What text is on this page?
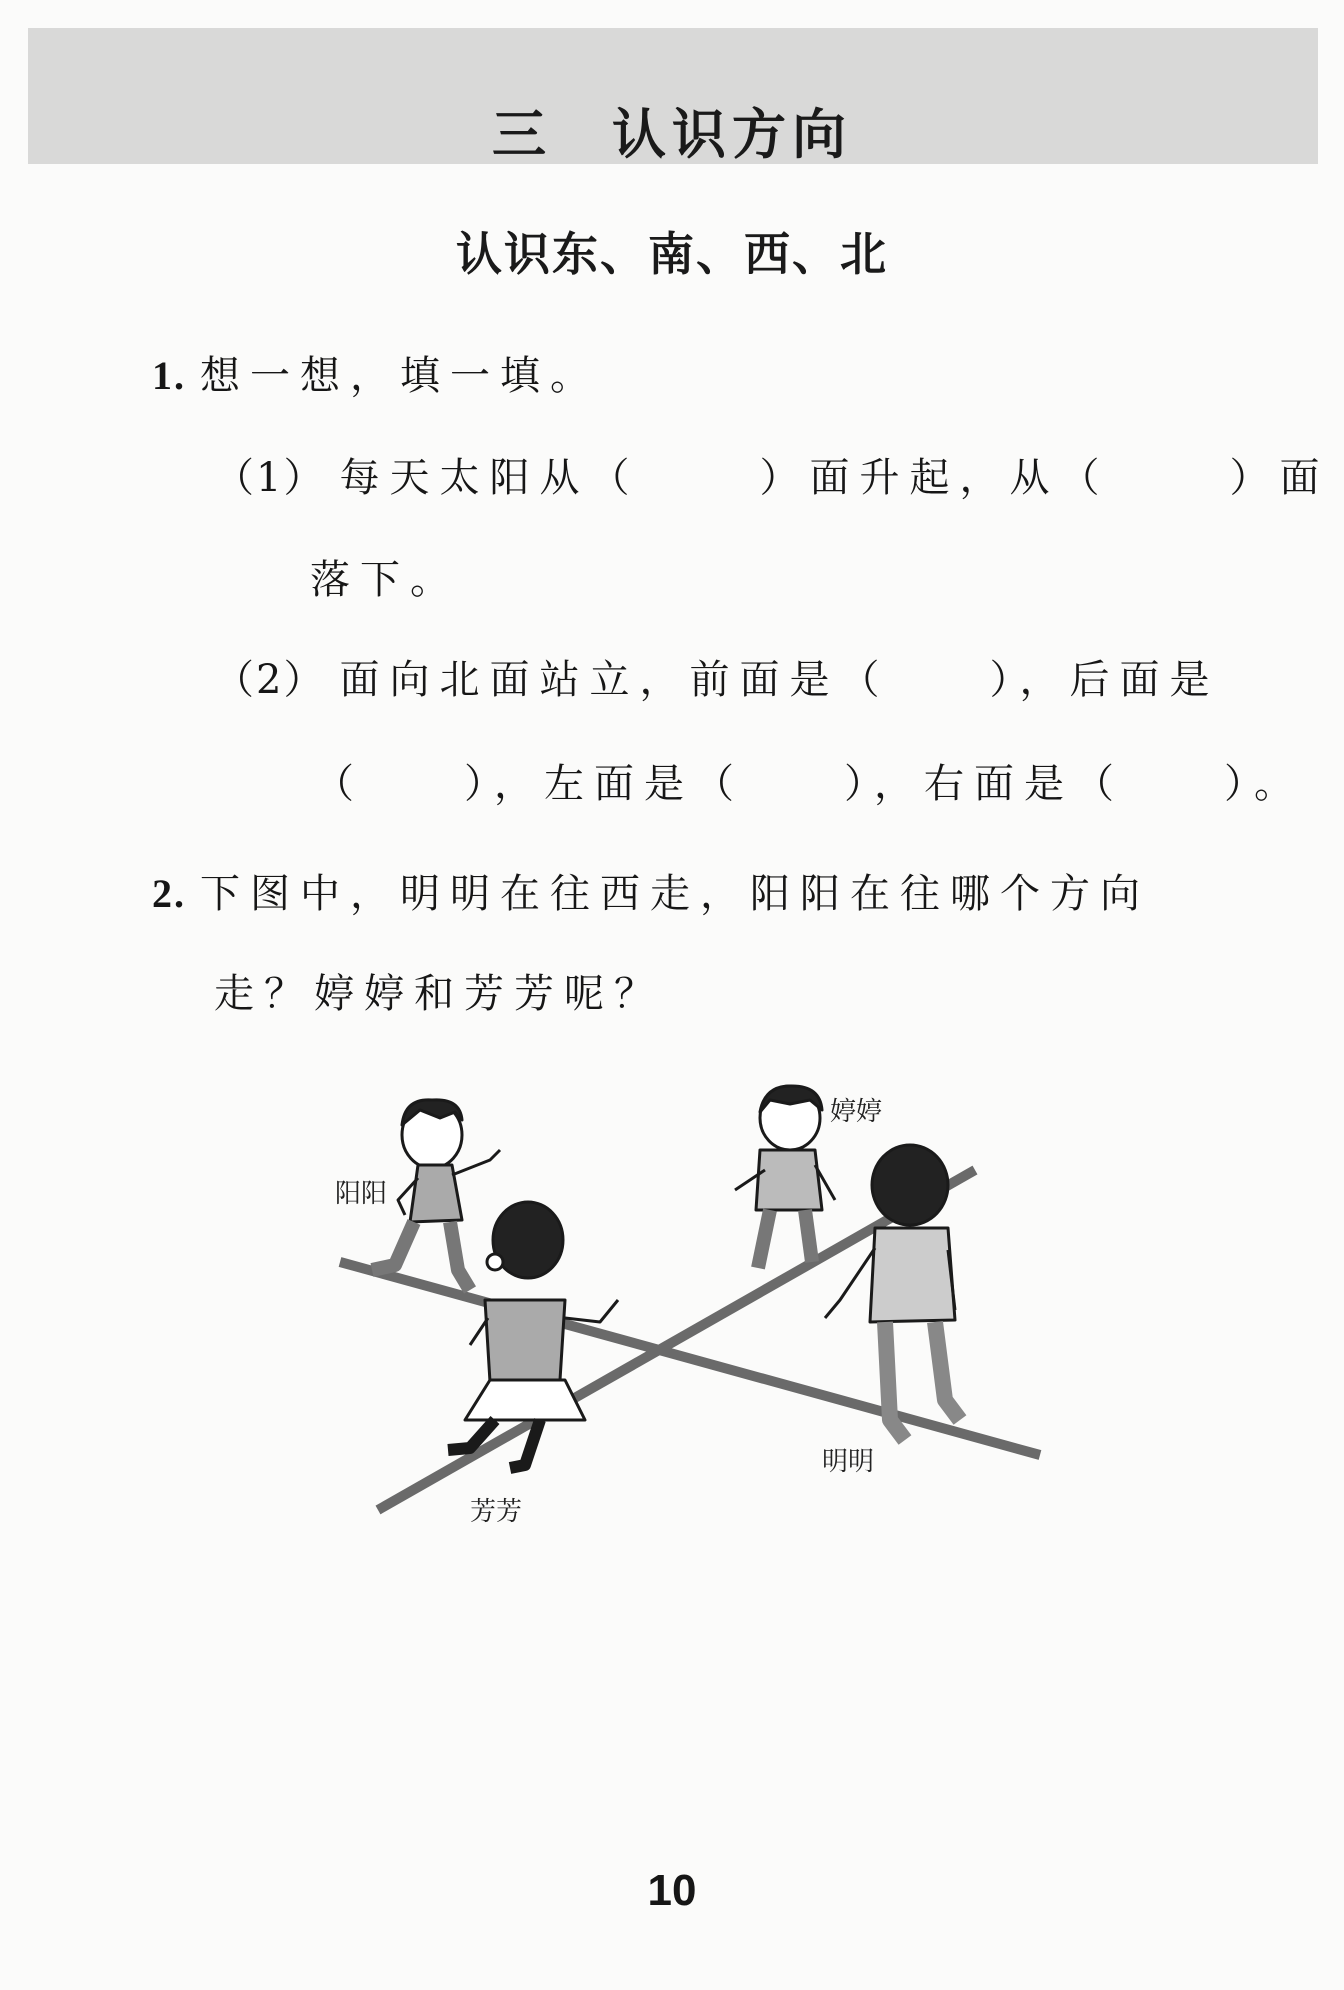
三　认识方向
认识东、南、西、北
1. 想一想，填一填。
（1） 每天太阳从（	）面升起，从（	）面
落下。
（2） 面向北面站立，前面是（	），后面是
（	），左面是（	），右面是（	）。
2. 下图中，明明在往西走，阳阳在往哪个方向
走？婷婷和芳芳呢？
阳阳
婷婷
明明
芳芳
10
